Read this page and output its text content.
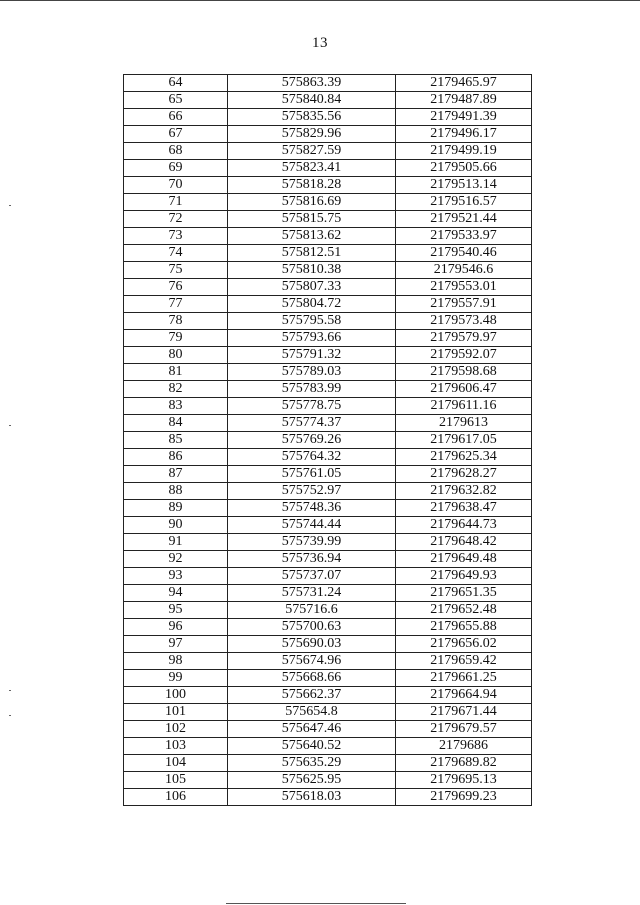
13
64	575863.39	2179465.97
65	575840.84	2179487.89
66	575835.56	2179491.39
67	575829.96	2179496.17
68	575827.59	2179499.19
69	575823.41	2179505.66
70	575818.28	2179513.14
71	575816.69	2179516.57
72	575815.75	2179521.44
73	575813.62	2179533.97
74	575812.51	2179540.46
75	575810.38	2179546.6
76	575807.33	2179553.01
77	575804.72	2179557.91
78	575795.58	2179573.48
79	575793.66	2179579.97
80	575791.32	2179592.07
81	575789.03	2179598.68
82	575783.99	2179606.47
83	575778.75	2179611.16
84	575774.37	2179613
85	575769.26	2179617.05
86	575764.32	2179625.34
87	575761.05	2179628.27
88	575752.97	2179632.82
89	575748.36	2179638.47
90	575744.44	2179644.73
91	575739.99	2179648.42
92	575736.94	2179649.48
93	575737.07	2179649.93
94	575731.24	2179651.35
95	575716.6	2179652.48
96	575700.63	2179655.88
97	575690.03	2179656.02
98	575674.96	2179659.42
99	575668.66	2179661.25
100	575662.37	2179664.94
101	575654.8	2179671.44
102	575647.46	2179679.57
103	575640.52	2179686
104	575635.29	2179689.82
105	575625.95	2179695.13
106	575618.03	2179699.23
